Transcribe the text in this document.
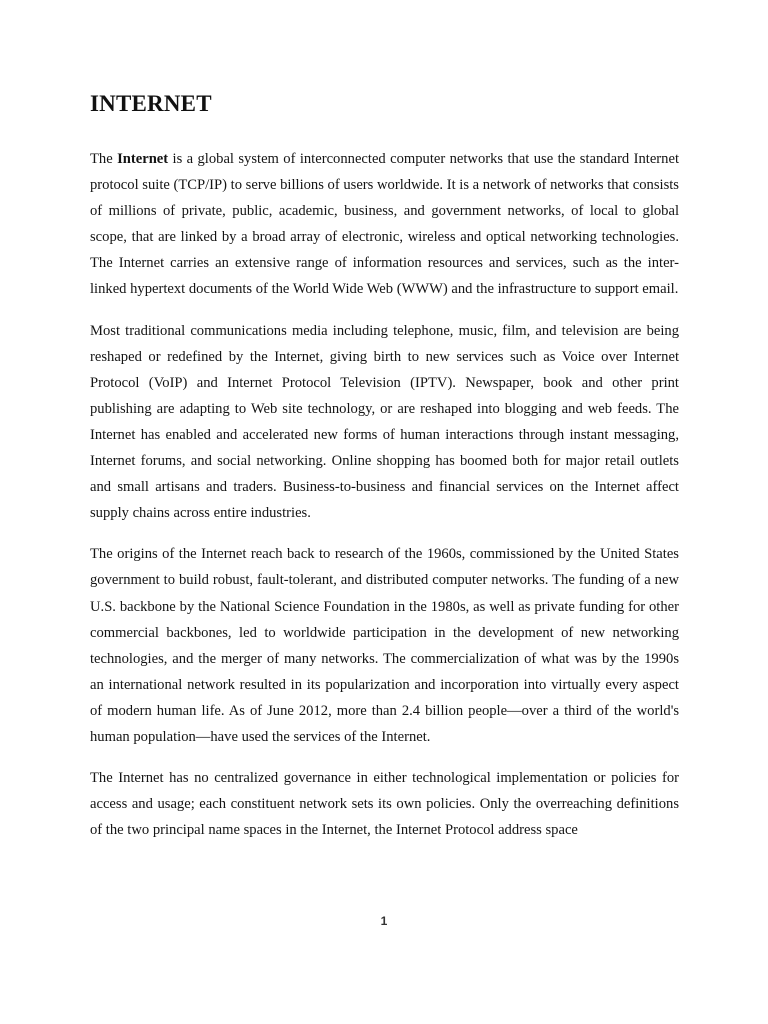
INTERNET

The Internet is a global system of interconnected computer networks that use the standard Internet protocol suite (TCP/IP) to serve billions of users worldwide. It is a network of networks that consists of millions of private, public, academic, business, and government networks, of local to global scope, that are linked by a broad array of electronic, wireless and optical networking technologies. The Internet carries an extensive range of information resources and services, such as the inter-linked hypertext documents of the World Wide Web (WWW) and the infrastructure to support email.

Most traditional communications media including telephone, music, film, and television are being reshaped or redefined by the Internet, giving birth to new services such as Voice over Internet Protocol (VoIP) and Internet Protocol Television (IPTV). Newspaper, book and other print publishing are adapting to Web site technology, or are reshaped into blogging and web feeds. The Internet has enabled and accelerated new forms of human interactions through instant messaging, Internet forums, and social networking. Online shopping has boomed both for major retail outlets and small artisans and traders. Business-to-business and financial services on the Internet affect supply chains across entire industries.

The origins of the Internet reach back to research of the 1960s, commissioned by the United States government to build robust, fault-tolerant, and distributed computer networks. The funding of a new U.S. backbone by the National Science Foundation in the 1980s, as well as private funding for other commercial backbones, led to worldwide participation in the development of new networking technologies, and the merger of many networks. The commercialization of what was by the 1990s an international network resulted in its popularization and incorporation into virtually every aspect of modern human life. As of June 2012, more than 2.4 billion people—over a third of the world's human population—have used the services of the Internet.

The Internet has no centralized governance in either technological implementation or policies for access and usage; each constituent network sets its own policies. Only the overreaching definitions of the two principal name spaces in the Internet, the Internet Protocol address space

1
